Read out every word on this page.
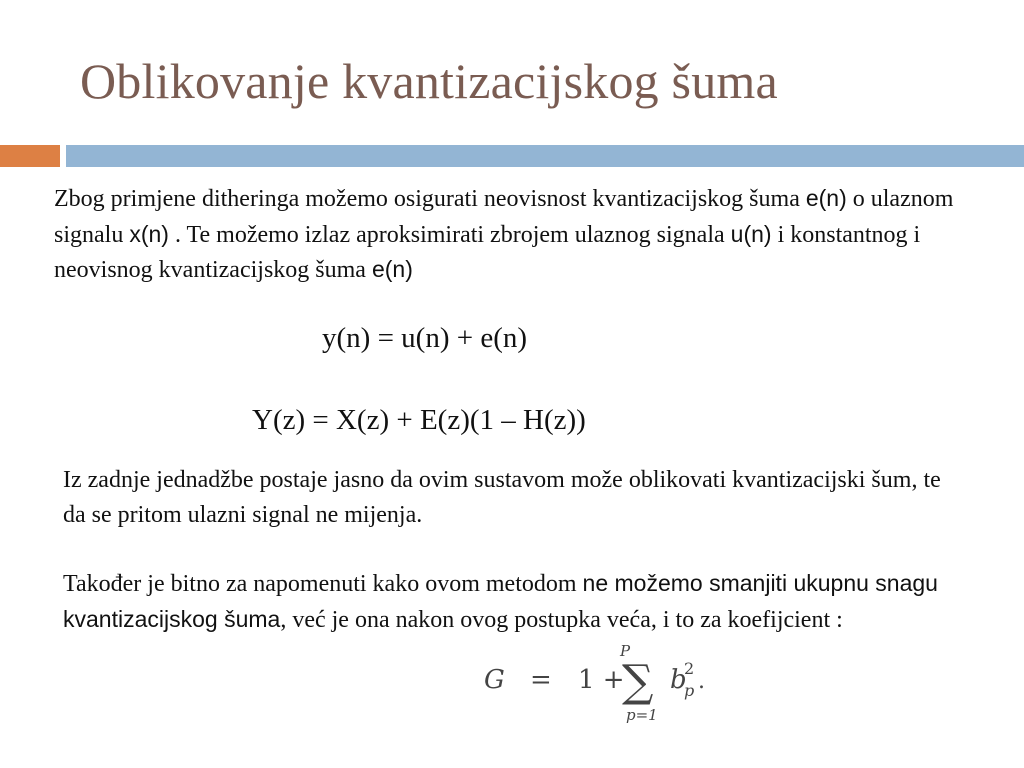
Oblikovanje kvantizacijskog šuma
Zbog primjene ditheringa možemo osigurati neovisnost kvantizacijskog šuma e(n) o ulaznom signalu x(n) . Te možemo izlaz aproksimirati zbrojem ulaznog signala u(n) i konstantnog i neovisnog kvantizacijskog šuma e(n)
y(n) = u(n) + e(n)
Y(z) = X(z) + E(z)(1 – H(z))
Iz zadnje jednadžbe postaje jasno da ovim sustavom može oblikovati kvantizacijski šum, te da se pritom ulazni signal ne mijenja.
Također je bitno za napomenuti kako ovom metodom ne možemo smanjiti ukupnu snagu kvantizacijskog šuma, već je ona nakon ovog postupka veća, i to za koefijcient :
G = 1 +
P
∑
p=1
b
2
p .
